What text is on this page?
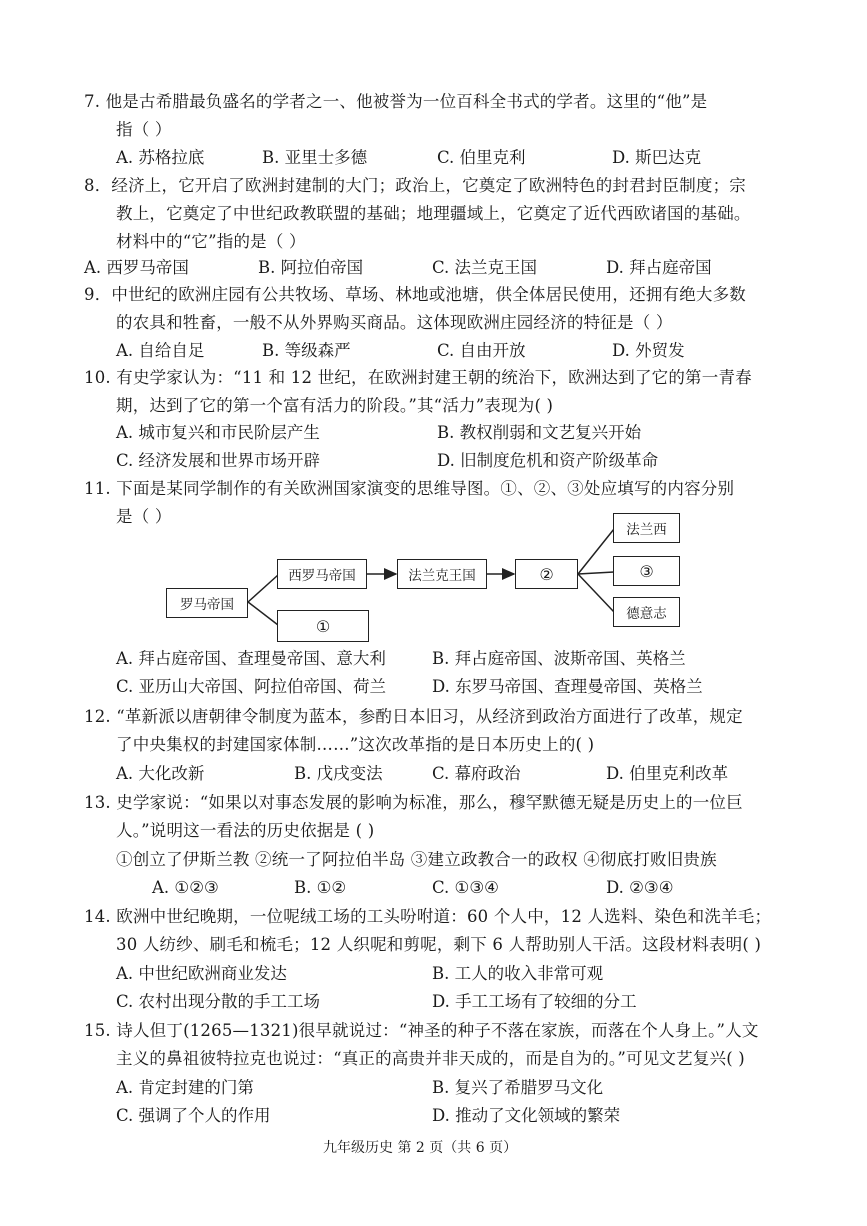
7. 他是古希腊最负盛名的学者之一、他被誉为一位百科全书式的学者。这里的“他”是
指（ ）
A. 苏格拉底	B. 亚里士多德	C. 伯里克利	D. 斯巴达克
8．经济上，它开启了欧洲封建制的大门；政治上，它奠定了欧洲特色的封君封臣制度；宗
教上，它奠定了中世纪政教联盟的基础；地理疆域上，它奠定了近代西欧诸国的基础。
材料中的“它”指的是（ ）
A. 西罗马帝国	B. 阿拉伯帝国	C. 法兰克王国	D. 拜占庭帝国
9．中世纪的欧洲庄园有公共牧场、草场、林地或池塘，供全体居民使用，还拥有绝大多数
的农具和牲畜，一般不从外界购买商品。这体现欧洲庄园经济的特征是（ ）
A. 自给自足	B. 等级森严	C. 自由开放	D. 外贸发
10. 有史学家认为：“11 和 12 世纪，在欧洲封建王朝的统治下，欧洲达到了它的第一青春
期，达到了它的第一个富有活力的阶段。”其“活力”表现为( )
A. 城市复兴和市民阶层产生	B. 教权削弱和文艺复兴开始
C. 经济发展和世界市场开辟	D. 旧制度危机和资产阶级革命
11. 下面是某同学制作的有关欧洲国家演变的思维导图。①、②、③处应填写的内容分别
是（ ）
罗马帝国
西罗马帝国
①
法兰克王国	②
法兰西
③
德意志
A. 拜占庭帝国、查理曼帝国、意大利	B. 拜占庭帝国、波斯帝国、英格兰
C. 亚历山大帝国、阿拉伯帝国、荷兰	D. 东罗马帝国、查理曼帝国、英格兰
12. “革新派以唐朝律令制度为蓝本，参酌日本旧习，从经济到政治方面进行了改革，规定
了中央集权的封建国家体制……”这次改革指的是日本历史上的( )
A. 大化改新	B. 戊戌变法	C. 幕府政治	D. 伯里克利改革
13. 史学家说：“如果以对事态发展的影响为标准，那么，穆罕默德无疑是历史上的一位巨
人。”说明这一看法的历史依据是 ( )
①创立了伊斯兰教 ②统一了阿拉伯半岛 ③建立政教合一的政权 ④彻底打败旧贵族
A. ①②③	B. ①②	C. ①③④	D. ②③④
14. 欧洲中世纪晚期，一位呢绒工场的工头吩咐道：60 个人中，12 人选料、染色和洗羊毛；
30 人纺纱、刷毛和梳毛；12 人织呢和剪呢，剩下 6 人帮助别人干活。这段材料表明( )
A. 中世纪欧洲商业发达	B. 工人的收入非常可观
C. 农村出现分散的手工工场	D. 手工工场有了较细的分工
15. 诗人但丁(1265—1321)很早就说过：“神圣的种子不落在家族，而落在个人身上。”人文
主义的鼻祖彼特拉克也说过：“真正的高贵并非天成的，而是自为的。”可见文艺复兴( )
A. 肯定封建的门第	B. 复兴了希腊罗马文化
C. 强调了个人的作用	D. 推动了文化领域的繁荣
九年级历史 第 2 页（共 6 页）
